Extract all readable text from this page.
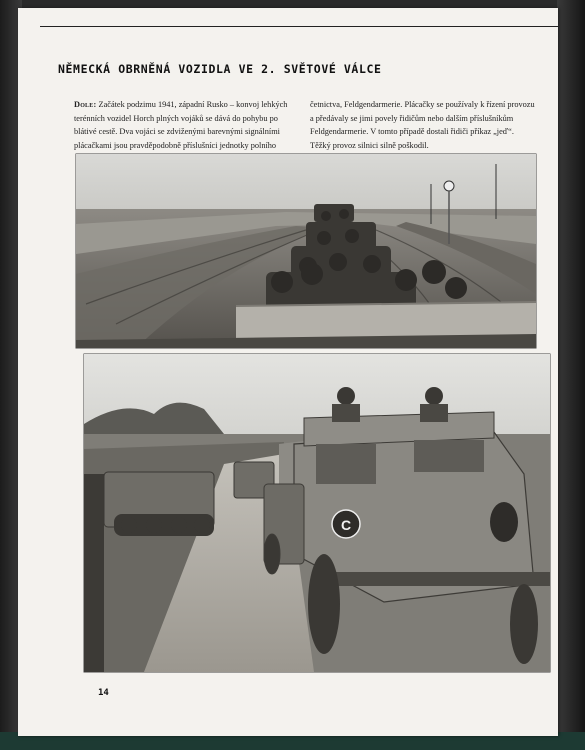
NĚMECKÁ OBRNĚNÁ VOZIDLA VE 2. SVĚTOVÉ VÁLCE
Dole: Začátek podzimu 1941, západní Rusko – konvoj lehkých terénních vozidel Horch plných vojáků se dává do pohybu po blátivé cestě. Dva vojáci se zdviženými barevnými signálními plácačkami jsou pravděpodobně příslušníci jednotky polního
četnictva, Feldgendarmerie. Plácačky se používaly k řízení provozu a předávaly se jimi povely řidičům nebo dalším příslušníkům Feldgendarmerie. V tomto případě dostali řidiči příkaz „jeď“. Těžký provoz silnici silně poškodil.
C
14
